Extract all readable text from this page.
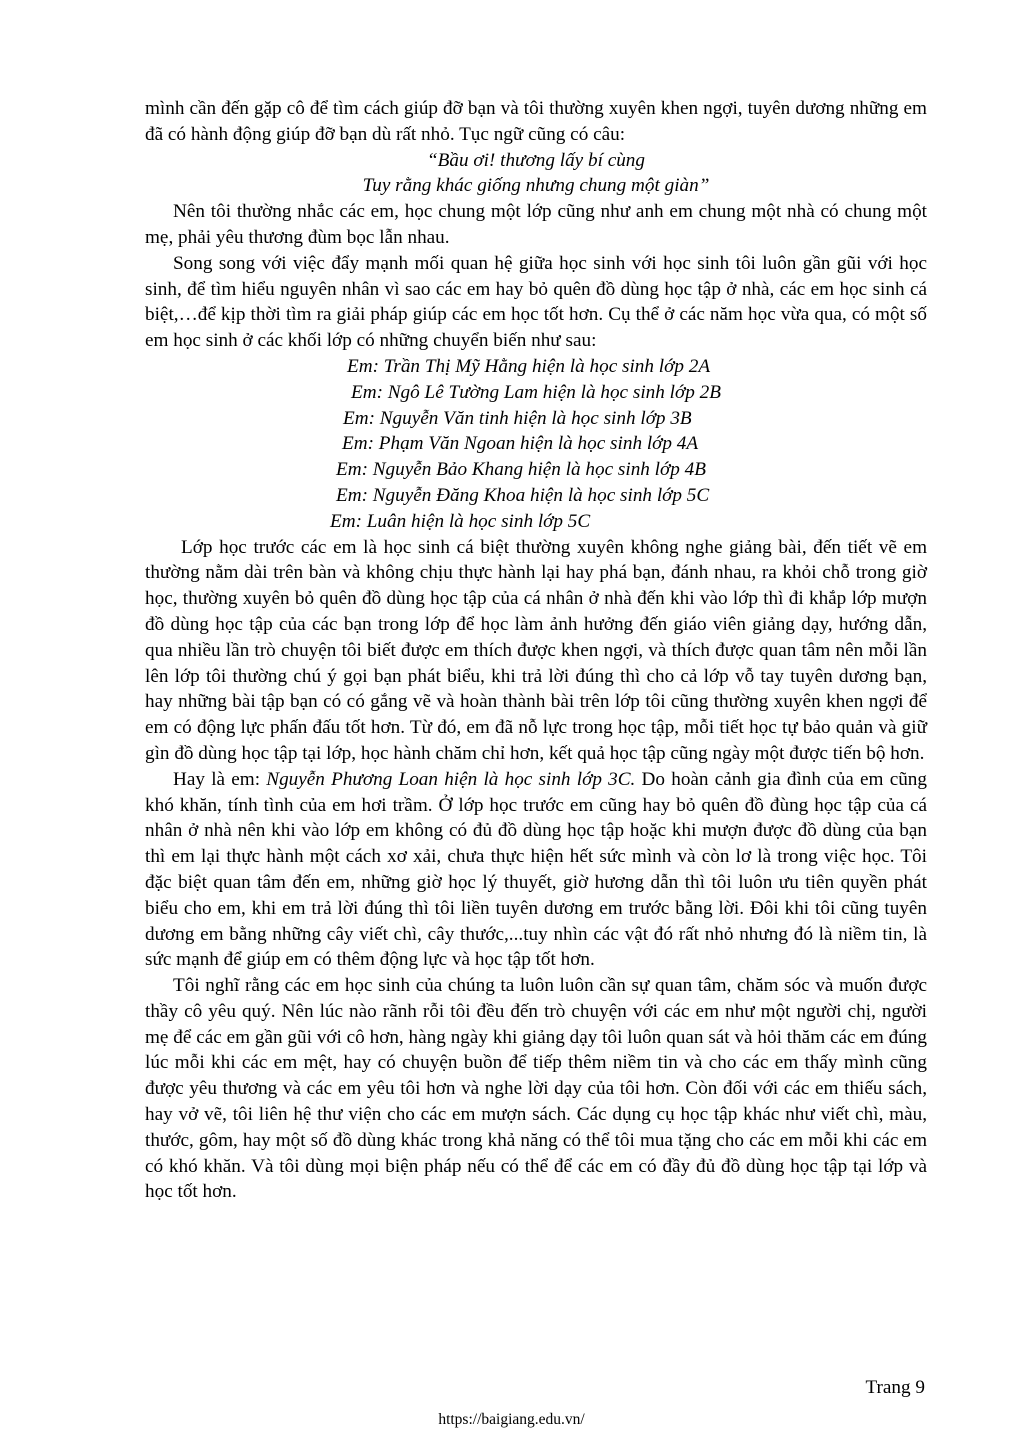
mình cần đến gặp cô để tìm cách giúp đỡ bạn và tôi thường xuyên khen ngợi, tuyên dương những em đã có hành động giúp đỡ bạn dù rất nhỏ. Tục ngữ cũng có câu:

“Bầu ơi! thương lấy bí cùng

Tuy rằng khác giống nhưng chung một giàn”

Nên tôi thường nhắc các em, học chung một lớp cũng như anh em chung một nhà có chung một mẹ, phải yêu thương đùm bọc lẫn nhau.

Song song với việc đẩy mạnh mối quan hệ giữa học sinh với học sinh tôi luôn gần gũi với học sinh, để tìm hiểu nguyên nhân vì sao các em hay bỏ quên đồ dùng học tập ở nhà, các em học sinh cá biệt,…để kịp thời tìm ra giải pháp giúp các em học tốt hơn. Cụ thể ở các năm học vừa qua, có một số em học sinh ở các khối lớp có những chuyển biến như sau:

Em: Trần Thị Mỹ Hằng hiện là học sinh lớp 2A

Em: Ngô Lê Tường Lam hiện là học sinh lớp 2B

Em: Nguyễn Văn tinh hiện là học sinh lớp 3B

Em: Phạm Văn Ngoan hiện là học sinh lớp 4A

Em: Nguyễn Bảo Khang hiện là học sinh lớp 4B

Em: Nguyễn Đăng Khoa hiện là học sinh lớp 5C

Em: Luân hiện là học sinh lớp 5C

Lớp học trước các em là học sinh cá biệt thường xuyên không nghe giảng bài, đến tiết vẽ em thường nằm dài trên bàn và không chịu thực hành lại hay phá bạn, đánh nhau, ra khỏi chỗ trong giờ học, thường xuyên bỏ quên đồ dùng học tập của cá nhân ở nhà đến khi vào lớp thì đi khắp lớp mượn đồ dùng học tập của các bạn trong lớp để học làm ảnh hưởng đến giáo viên giảng dạy, hướng dẫn, qua nhiều lần trò chuyện tôi biết được em thích được khen ngợi, và thích được quan tâm nên mỗi lần lên lớp tôi thường chú ý gọi bạn phát biểu, khi trả lời đúng thì cho cả lớp vỗ tay tuyên dương bạn, hay những bài tập bạn có có gắng vẽ và hoàn thành bài trên lớp tôi cũng thường xuyên khen ngợi để em có động lực phấn đấu tốt hơn. Từ đó, em đã nỗ lực trong học tập, mỗi tiết học tự bảo quản và giữ gìn đồ dùng học tập tại lớp, học hành chăm chỉ hơn, kết quả học tập cũng ngày một được tiến bộ hơn.

Hay là em: Nguyễn Phương Loan hiện là học sinh lớp 3C. Do hoàn cảnh gia đình của em cũng khó khăn, tính tình của em hơi trầm. Ở lớp học trước em cũng hay bỏ quên đồ đùng học tập của cá nhân ở nhà nên khi vào lớp em không có đủ đồ dùng học tập hoặc khi mượn được đồ dùng của bạn thì em lại thực hành một cách xơ xải, chưa thực hiện hết sức mình và còn lơ là trong việc học. Tôi đặc biệt quan tâm đến em, những giờ học lý thuyết, giờ hương dẫn thì tôi luôn ưu tiên quyền phát biểu cho em, khi em trả lời đúng thì tôi liền tuyên dương em trước bằng lời. Đôi khi tôi cũng tuyên dương em bằng những cây viết chì, cây thước,...tuy nhìn các vật đó rất nhỏ nhưng đó là niềm tin, là sức mạnh để giúp em có thêm động lực và học tập tốt hơn.

Tôi nghĩ rằng các em học sinh của chúng ta luôn luôn cần sự quan tâm, chăm sóc và muốn được thầy cô yêu quý. Nên lúc nào rãnh rỗi tôi đều đến trò chuyện với các em như một người chị, người mẹ để các em gần gũi với cô hơn, hàng ngày khi giảng dạy tôi luôn quan sát và hỏi thăm các em đúng lúc mỗi khi các em mệt, hay có chuyện buồn để tiếp thêm niềm tin và cho các em thấy mình cũng được yêu thương và các em yêu tôi hơn và nghe lời dạy của tôi hơn. Còn đối với các em thiếu sách, hay vở vẽ, tôi liên hệ thư viện cho các em mượn sách. Các dụng cụ học tập khác như viết chì, màu, thước, gôm, hay một số đồ dùng khác trong khả năng có thể tôi mua tặng cho các em mỗi khi các em có khó khăn. Và tôi dùng mọi biện pháp nếu có thể để các em có đầy đủ đồ dùng học tập tại lớp và học tốt hơn.

Trang 9
https://baigiang.edu.vn/
